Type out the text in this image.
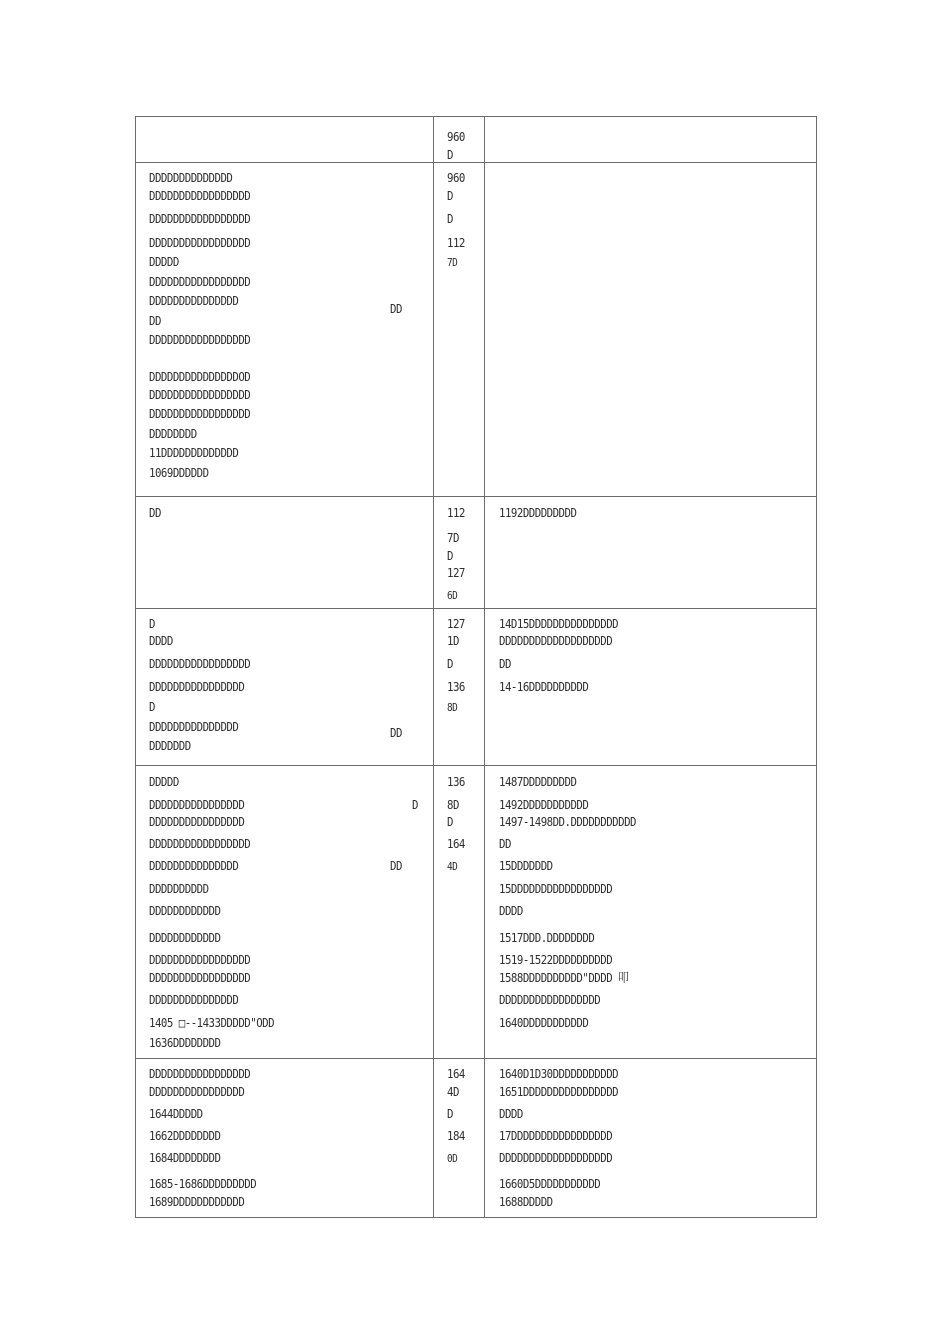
960
D
DDDDDDDDDDDDDD
DDDDDDDDDDDDDDDDD
DDDDDDDDDDDDDDDDD
DDDDDDDDDDDDDDDDD
DDDDD
DDDDDDDDDDDDDDDDD
DDDDDDDDDDDDDDD
DD
DDDDDDDDDDDDDDDDD
DDDDDDDDDDDDDDDOD
DDDDDDDDDDDDDDDDD
DDDDDDDDDDDDDDDDD
DDDDDDDD
11DDDDDDDDDDDDD
1069DDDDDD
DD
960
D
D
112
7D
DD	112
7D
D
127
6D
1192DDDDDDDDD
D
DDDD
DDDDDDDDDDDDDDDDD
DDDDDDDDDDDDDDDD
D
DDDDDDDDDDDDDDD
DDDDDDD
DD
127
1D
D
136
8D
14D15DDDDDDDDDDDDDDD
DDDDDDDDDDDDDDDDDDD
DD
14-16DDDDDDDDDD
DDDDD
DDDDDDDDDDDDDDDD
DDDDDDDDDDDDDDDD
DDDDDDDDDDDDDDDDD
DDDDDDDDDDDDDDD
DDDDDDDDDD
DDDDDDDDDDDD
DDDDDDDDDDDD
DDDDDDDDDDDDDDDDD
DDDDDDDDDDDDDDDDD
DDDDDDDDDDDDDDD
1405 □--1433DDDDD"ODD
1636DDDDDDDD
D
DD
136
8D
D
164
4D
1487DDDDDDDDD
1492DDDDDDDDDDD
1497-1498DD.DDDDDDDDDDD
DD
15DDDDDDD
15DDDDDDDDDDDDDDDDD
DDDD
1517DDD.DDDDDDDD
1519-1522DDDDDDDDDD
1588DDDDDDDDDD"DDDD 叩
DDDDDDDDDDDDDDDDD
1640DDDDDDDDDDD
DDDDDDDDDDDDDDDDD
DDDDDDDDDDDDDDDD
1644DDDDD
1662DDDDDDDD
1684DDDDDDDD
1685-1686DDDDDDDDD
1689DDDDDDDDDDDD
164
4D
D
184
0D
1640D1D30DDDDDDDDDDD
1651DDDDDDDDDDDDDDDD
DDDD
17DDDDDDDDDDDDDDDDD
DDDDDDDDDDDDDDDDDDD
1660D5DDDDDDDDDDD
1688DDDDD
